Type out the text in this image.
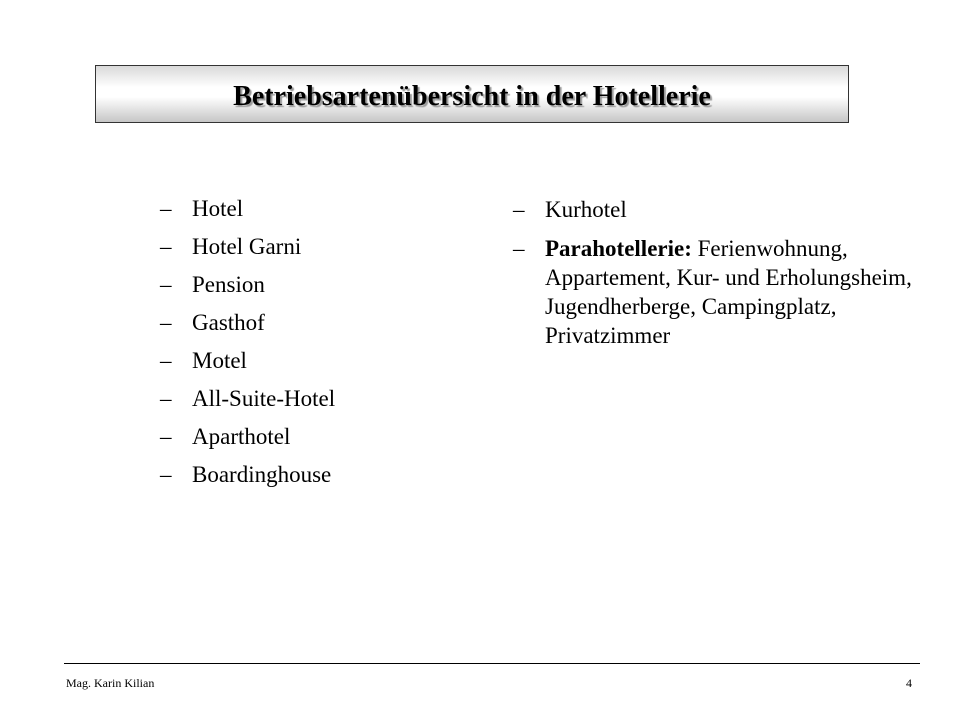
Betriebsartenübersicht in der Hotellerie
– Hotel
– Hotel Garni
– Pension
– Gasthof
– Motel
– All-Suite-Hotel
– Aparthotel
– Boardinghouse
– Kurhotel
– Parahotellerie: Ferienwohnung, Appartement, Kur- und Erholungsheim, Jugendherberge, Campingplatz, Privatzimmer
Mag. Karin Kilian	4
